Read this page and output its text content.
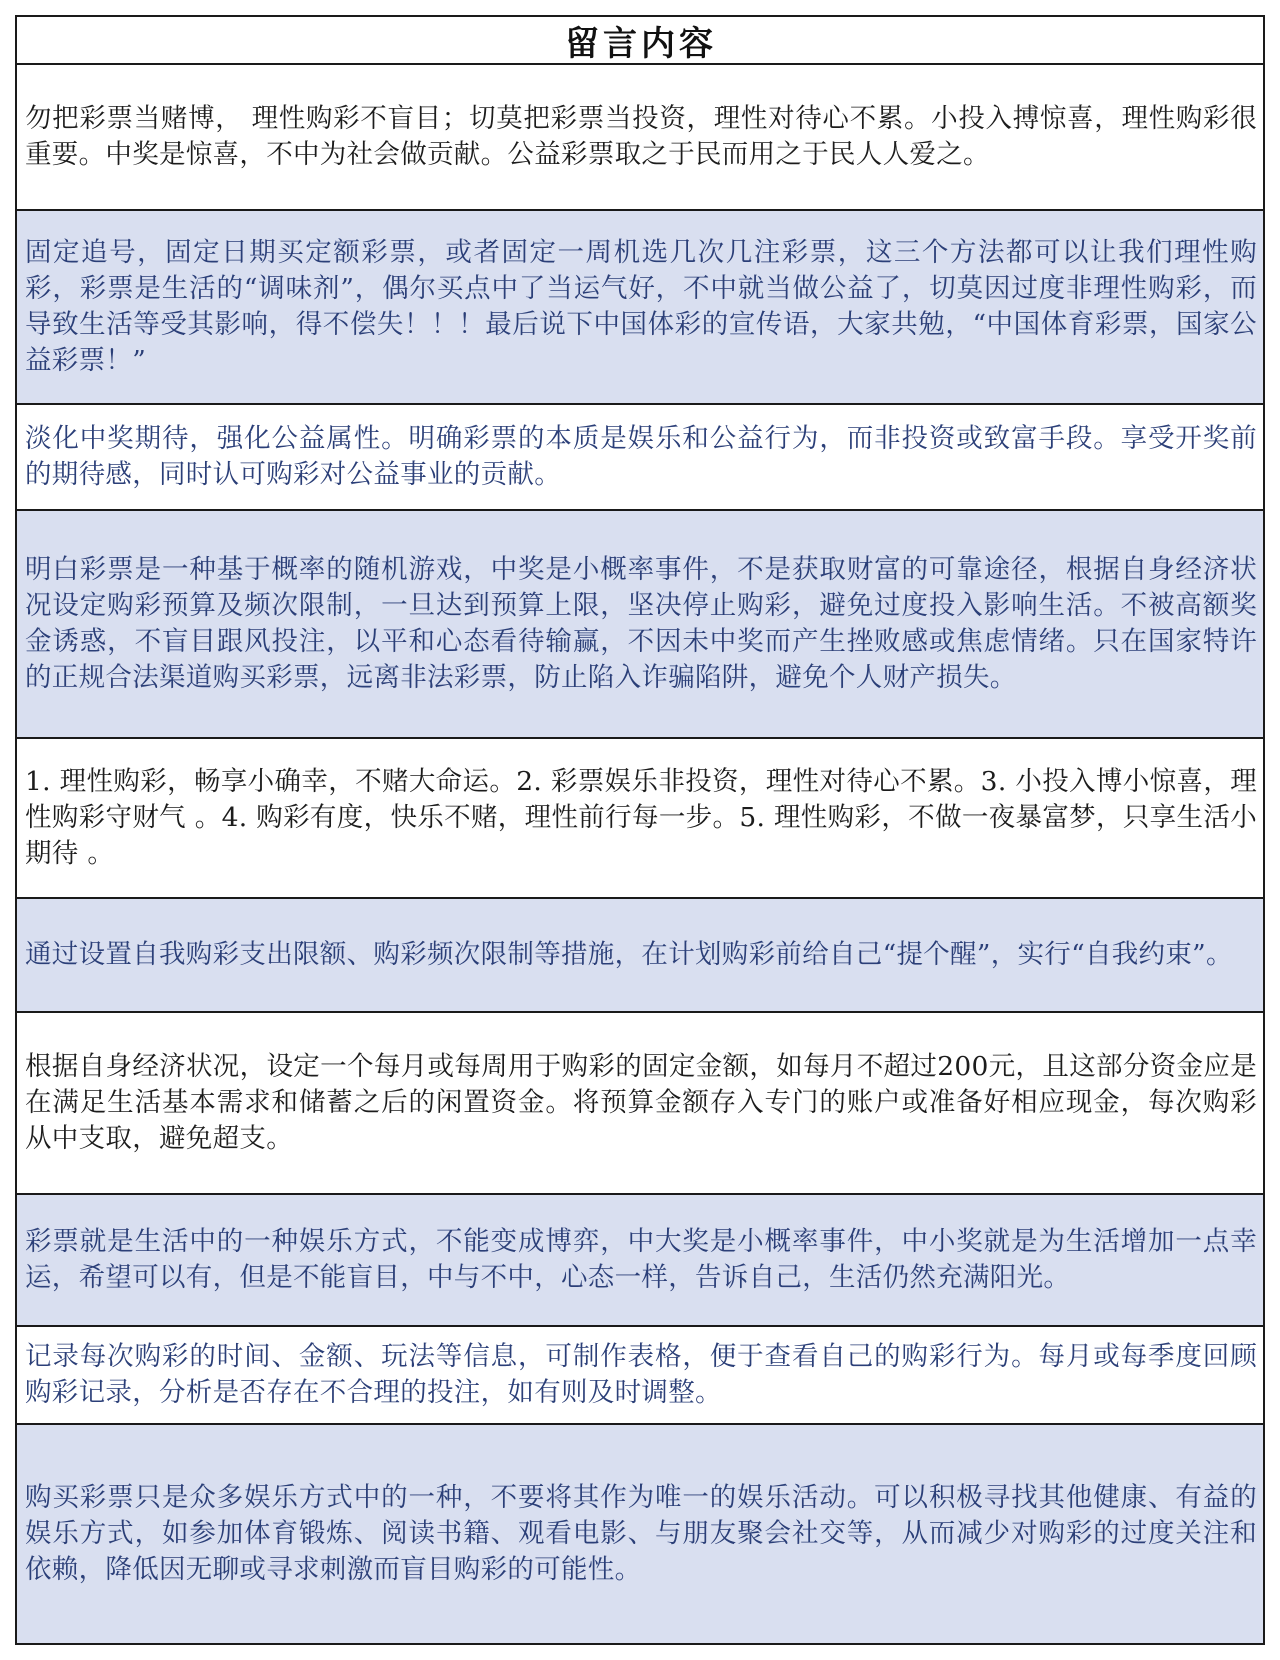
留言内容
勿把彩票当赌博， 理性购彩不盲目；切莫把彩票当投资，理性对待心不累。小投入搏惊喜，理性购彩很重要。中奖是惊喜，不中为社会做贡献。公益彩票取之于民而用之于民人人爱之。
固定追号，固定日期买定额彩票，或者固定一周机选几次几注彩票，这三个方法都可以让我们理性购彩，彩票是生活的“调味剂”，偶尔买点中了当运气好，不中就当做公益了，切莫因过度非理性购彩，而导致生活等受其影响，得不偿失！！！最后说下中国体彩的宣传语，大家共勉，“中国体育彩票，国家公益彩票！”
淡化中奖期待，强化公益属性。明确彩票的本质是娱乐和公益行为，而非投资或致富手段。享受开奖前的期待感，同时认可购彩对公益事业的贡献。
明白彩票是一种基于概率的随机游戏，中奖是小概率事件，不是获取财富的可靠途径，根据自身经济状况设定购彩预算及频次限制，一旦达到预算上限，坚决停止购彩，避免过度投入影响生活。不被高额奖金诱惑，不盲目跟风投注，以平和心态看待输赢，不因未中奖而产生挫败感或焦虑情绪。只在国家特许的正规合法渠道购买彩票，远离非法彩票，防止陷入诈骗陷阱，避免个人财产损失。
1. 理性购彩，畅享小确幸，不赌大命运。2. 彩票娱乐非投资，理性对待心不累。3. 小投入博小惊喜，理性购彩守财气 。4. 购彩有度，快乐不赌，理性前行每一步。5. 理性购彩，不做一夜暴富梦，只享生活小期待 。
通过设置自我购彩支出限额、购彩频次限制等措施，在计划购彩前给自己“提个醒”，实行“自我约束”。
根据自身经济状况，设定一个每月或每周用于购彩的固定金额，如每月不超过200元，且这部分资金应是在满足生活基本需求和储蓄之后的闲置资金。将预算金额存入专门的账户或准备好相应现金，每次购彩从中支取，避免超支。
彩票就是生活中的一种娱乐方式，不能变成博弈，中大奖是小概率事件，中小奖就是为生活增加一点幸运，希望可以有，但是不能盲目，中与不中，心态一样，告诉自己，生活仍然充满阳光。
记录每次购彩的时间、金额、玩法等信息，可制作表格，便于查看自己的购彩行为。每月或每季度回顾购彩记录，分析是否存在不合理的投注，如有则及时调整。
购买彩票只是众多娱乐方式中的一种，不要将其作为唯一的娱乐活动。可以积极寻找其他健康、有益的娱乐方式，如参加体育锻炼、阅读书籍、观看电影、与朋友聚会社交等，从而减少对购彩的过度关注和依赖，降低因无聊或寻求刺激而盲目购彩的可能性。
